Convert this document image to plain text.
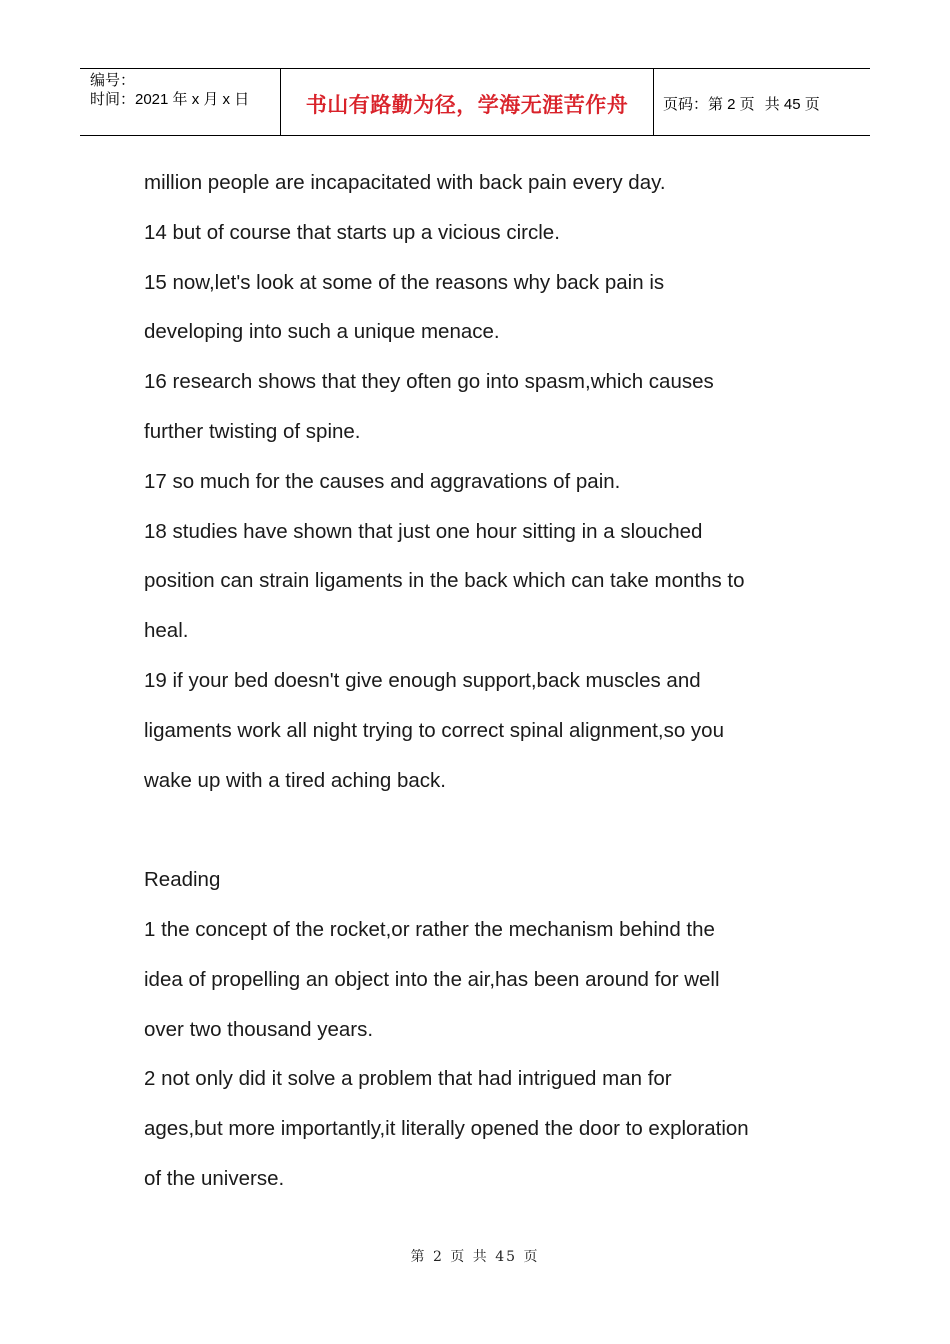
编号：
时间：2021 年 x 月 x 日	书山有路勤为径，学海无涯苦作舟 页码：第 2 页 共 45 页
million people are incapacitated with back pain every day.
14 but of course that starts up a vicious circle.
15 now,let's look at some of the reasons why back pain is
developing into such a unique menace.
16 research shows that they often go into spasm,which causes
further twisting of spine.
17 so much for the causes and aggravations of pain.
18 studies have shown that just one hour sitting in a slouched
position can strain ligaments in the back which can take months to
heal.
19 if your bed doesn't give enough support,back muscles and
ligaments work all night trying to correct spinal alignment,so you
wake up with a tired aching back.
Reading
1 the concept of the rocket,or rather the mechanism behind the
idea of propelling an object into the air,has been around for well
over two thousand years.
2 not only did it solve a problem that had intrigued man for
ages,but more importantly,it literally opened the door to exploration
of the universe.
第 2 页 共 45 页
